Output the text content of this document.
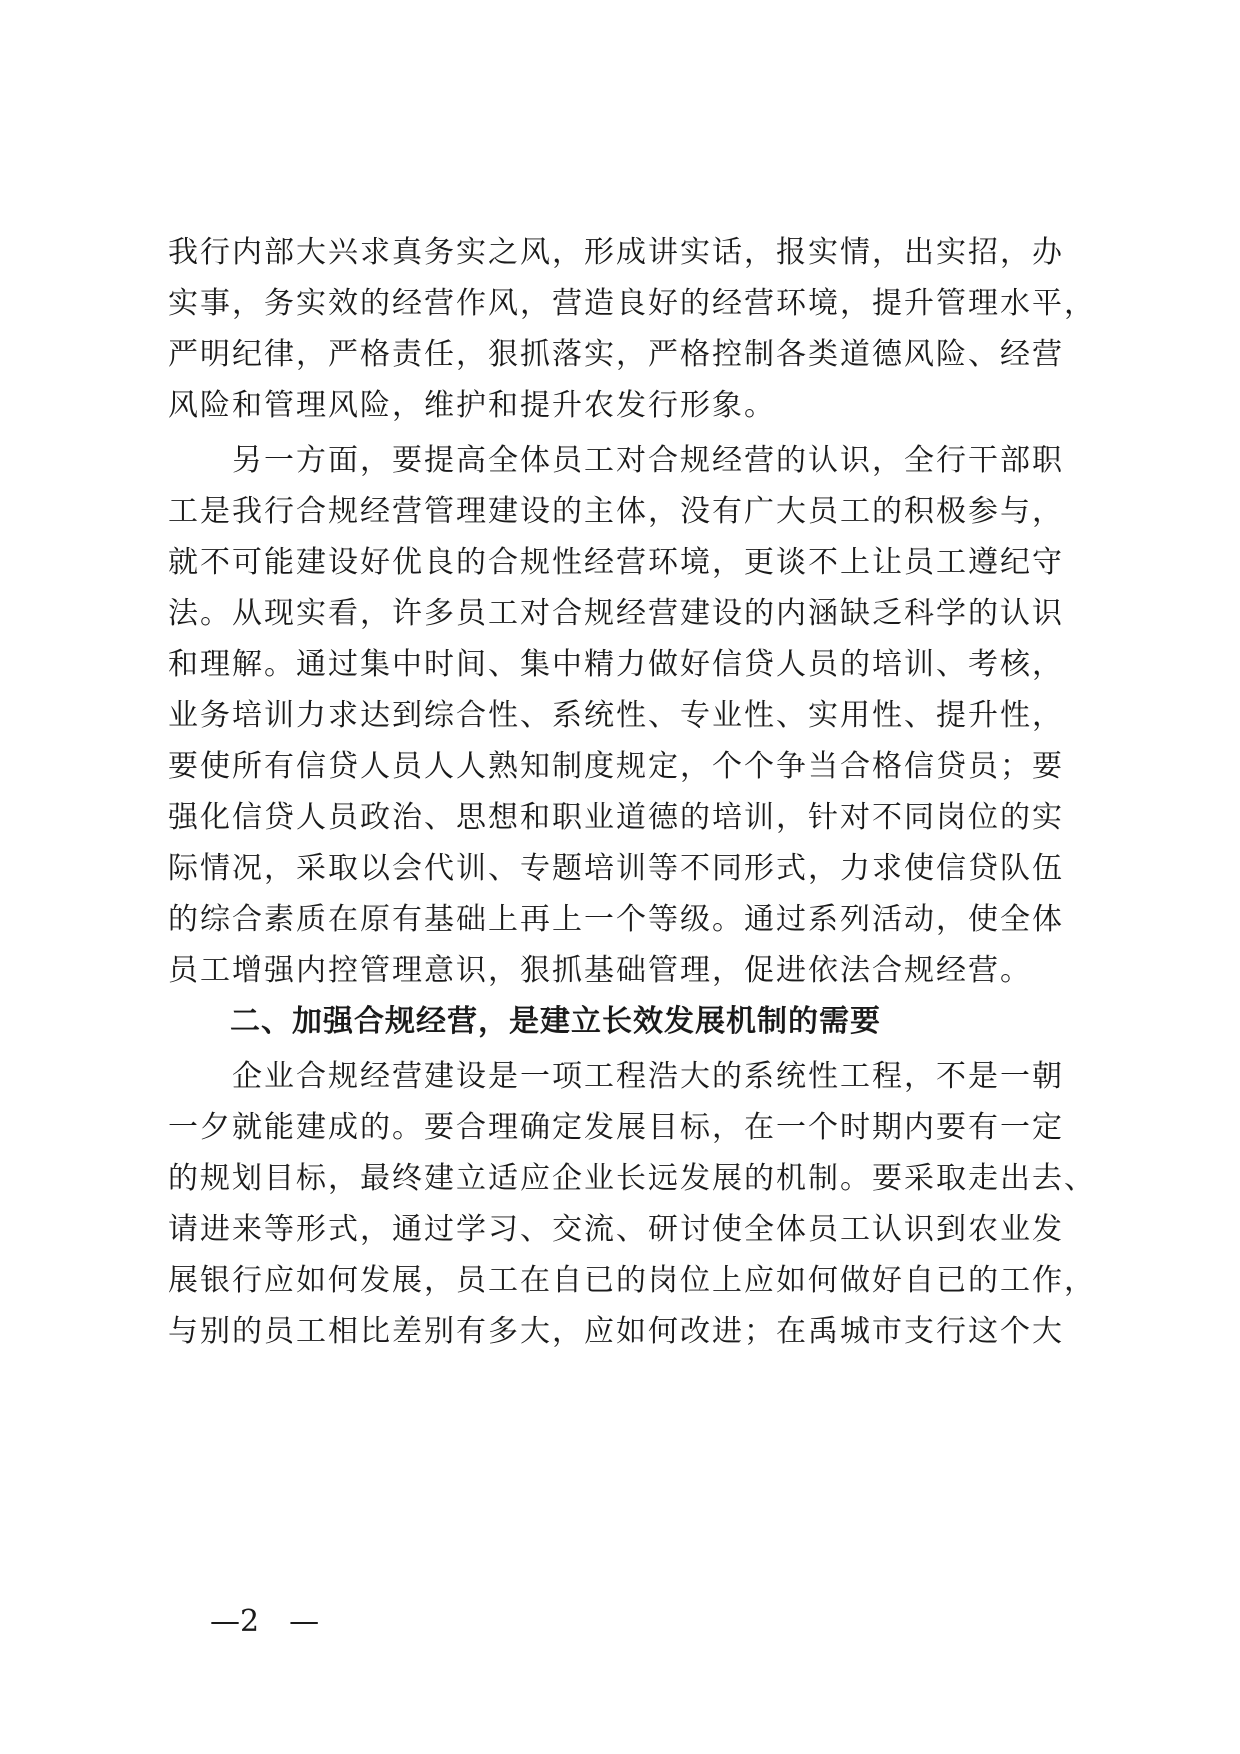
我行内部大兴求真务实之风，形成讲实话，报实情，出实招，办
实事，务实效的经营作风，营造良好的经营环境，提升管理水平，
严明纪律，严格责任，狠抓落实，严格控制各类道德风险、经营
风险和管理风险，维护和提升农发行形象。
　　另一方面，要提高全体员工对合规经营的认识，全行干部职
工是我行合规经营管理建设的主体，没有广大员工的积极参与，
就不可能建设好优良的合规性经营环境，更谈不上让员工遵纪守
法。从现实看，许多员工对合规经营建设的内涵缺乏科学的认识
和理解。通过集中时间、集中精力做好信贷人员的培训、考核，
业务培训力求达到综合性、系统性、专业性、实用性、提升性，
要使所有信贷人员人人熟知制度规定，个个争当合格信贷员；要
强化信贷人员政治、思想和职业道德的培训，针对不同岗位的实
际情况，采取以会代训、专题培训等不同形式，力求使信贷队伍
的综合素质在原有基础上再上一个等级。通过系列活动，使全体
员工增强内控管理意识，狠抓基础管理，促进依法合规经营。
　　二、加强合规经营，是建立长效发展机制的需要
　　企业合规经营建设是一项工程浩大的系统性工程，不是一朝
一夕就能建成的。要合理确定发展目标，在一个时期内要有一定
的规划目标，最终建立适应企业长远发展的机制。要采取走出去、
请进来等形式，通过学习、交流、研讨使全体员工认识到农业发
展银行应如何发展，员工在自已的岗位上应如何做好自已的工作，
与别的员工相比差别有多大，应如何改进；在禹城市支行这个大
—2　—
